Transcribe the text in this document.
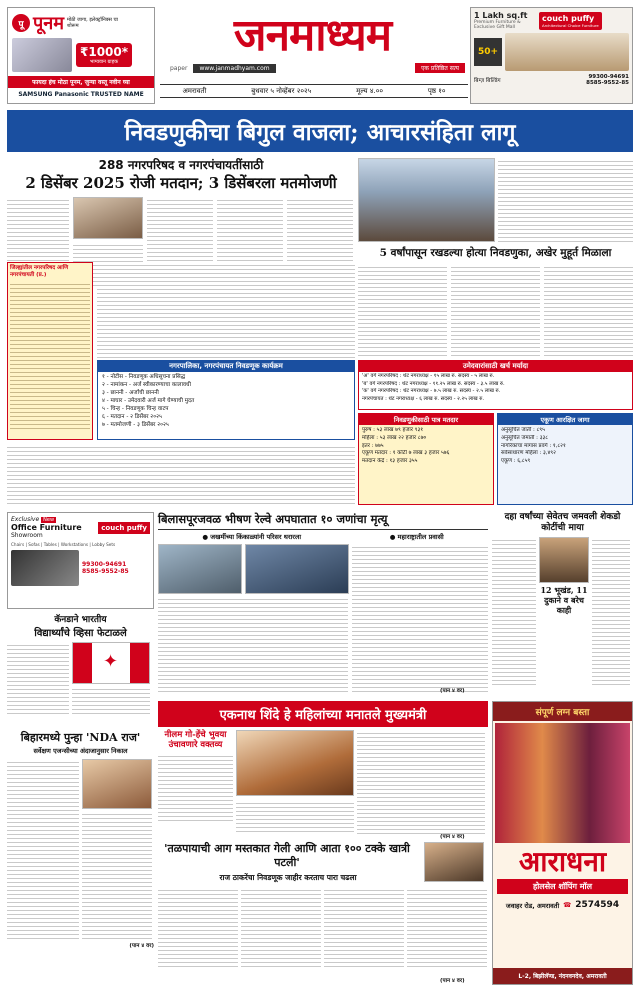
पू पूनम मोठी जागा, इलेक्ट्रॉनिक्स चा शोरूम
₹1000*
भाग्यवान ग्राहक
फायदा हंच मोठा पूनम, जुन्या वस्तू नवीन घ्या
SAMSUNG Panasonic TRUSTED NAME
जनमाध्यम
paper	www.janmadhyam.com	एक प्रतिष्ठित सत्य
अमरावती	बुधवार ५ नोव्हेंबर २०२५	मूल्य ४.००	पृष्ठ १०
1 Lakh sq.ft
Premium Furniture & Exclusive Gift Mall
couch puffy
Architectural Choice Furniture
50+
बिग्ज़ बिल्डिंग
99300-94691
8585-9552-85
निवडणुकीचा बिगुल वाजला; आचारसंहिता लागू
288 नगरपरिषद व नगरपंचायतींसाठी
2 डिसेंबर 2025 रोजी मतदान; 3 डिसेंबरला मतमोजणी
जिल्ह्यांतील नगरपरिषद आणि नगरपंचायती (प्र.)
5 वर्षांपासून रखडल्या होत्या निवडणुका, अखेर मुहूर्त मिळाला
उमेदवारांसाठी खर्च मर्यादा
'अ' वर्ग नगरपरिषद : थेट नगराध्यक्ष - १५ लाख रु. सदस्य - ५ लाख रु.
'ब' वर्ग नगरपरिषद : थेट नगराध्यक्ष - ११.२५ लाख रु. सदस्य - ३.५ लाख रु.
'क' वर्ग नगरपरिषद : थेट नगराध्यक्ष - ७.५ लाख रु. सदस्य - २.५ लाख रु.
नगरपंचायत : थेट नगराध्यक्ष - ६ लाख रु. सदस्य - २.२५ लाख रु.
नगरपालिका, नगरपंचायत निवडणूक कार्यक्रम
१ - नोटीस - निवडणूक अधिसूचना प्रसिद्ध
२ - नामांकन - अर्ज स्वीकारण्याचा कालावधी
३ - छाननी - अर्जांची छाननी
४ - माघार - उमेदवारी अर्ज मागे घेण्याची मुदत
५ - चिन्ह - निवडणूक चिन्ह वाटप
६ - मतदान - २ डिसेंबर २०२५
७ - मतमोजणी - ३ डिसेंबर २०२५
निवडणुकीसाठी पात्र मतदार
पुरुष : ५३ लाख ७९ हजार ९३१
महिला : ५३ लाख २२ हजार ८७०
इतर : ७७५
एकूण मतदार : १ कोटी ७ लाख ३ हजार ५७६
मतदान केंद्रे : १३ हजार ३५५
एकूण आरक्षित जागा
अनुसूचित जाती : ८९५
अनुसूचित जमाती : ३३८
नागरिकांचा मागास प्रवर्ग : १,८२१
सर्वसाधारण महिला : ३,४९२
एकूण : ६,८५९
Exclusive New
Office Furniture
Showroom
couch puffy
Chairs | Sofas | Tables | Workstations | Lobby Sets
99300-94691
8585-9552-85
कॅनडाने भारतीय
विद्यार्थ्यांचे व्हिसा फेटाळले
✦
बिहारमध्ये पुन्हा 'NDA राज'
सर्वेक्षण एजन्सीच्या अंदाजानुसार निकाल
(पान ४ वर)
बिलासपूरजवळ भीषण रेल्वे अपघातात १० जणांचा मृत्यू
● जखमींच्या किंकाळ्यांनी परिसर थरारला	● महाराष्ट्रातील प्रवासी
दहा वर्षांच्या सेवेतच जमवली शेकडो कोटींची माया
12 भूखंड, 11 दुकाने व बरेच काही
एकनाथ शिंदे हे महिलांच्या मनातले मुख्यमंत्री
नीलम गो-हेंचे भुवया उंचावणारे वक्तव्य
'तळपायाची आग मस्तकात गेली आणि आता १०० टक्के खात्री पटली'
राज ठाकरेंचा निवडणूक जाहीर करताच पारा चढला
संपूर्ण लग्न बस्ता
आराधना
होलसेल शॉपिंग मॉल
जवाहर रोड, अमरावती ☎ 2574594
L-2, बिझीलॅण्ड, नंदनवनदेव, अमरावती
(पान ४ वर)
(पान ४ वर)
(पान ४ वर)
